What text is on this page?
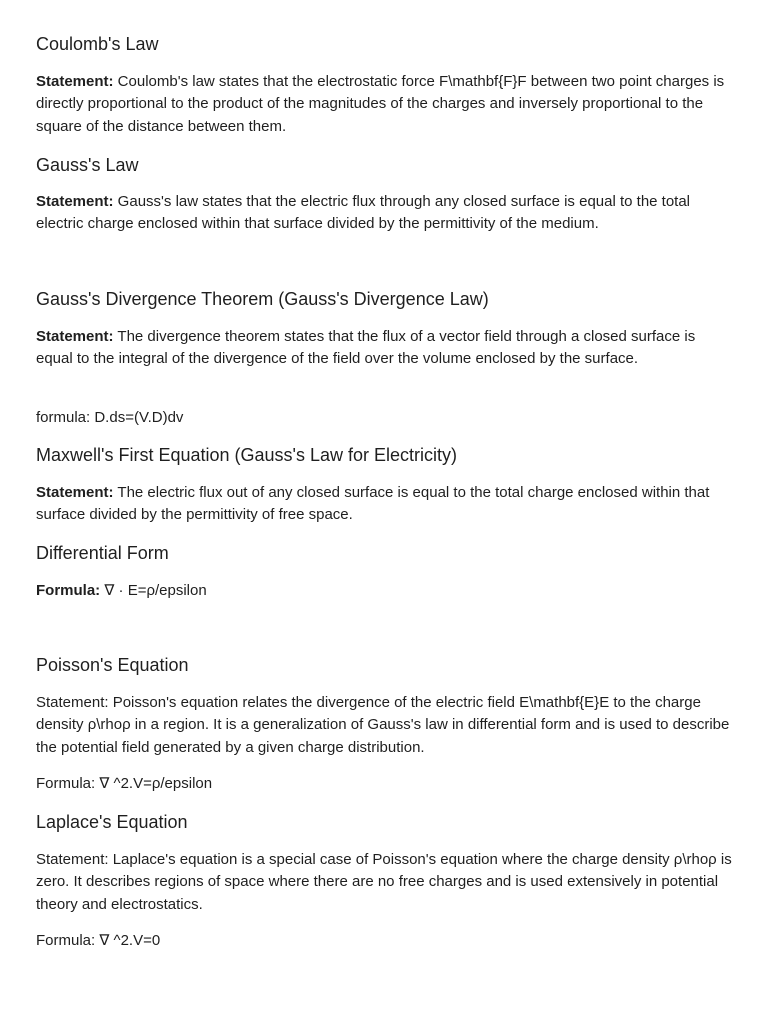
Coulomb's Law

Statement: Coulomb's law states that the electrostatic force F\mathbf{F}F between two point charges is directly proportional to the product of the magnitudes of the charges and inversely proportional to the square of the distance between them.

Gauss's Law

Statement: Gauss's law states that the electric flux through any closed surface is equal to the total electric charge enclosed within that surface divided by the permittivity of the medium.

Gauss's Divergence Theorem (Gauss's Divergence Law)

Statement: The divergence theorem states that the flux of a vector field through a closed surface is equal to the integral of the divergence of the field over the volume enclosed by the surface.

formula: D.ds=(V.D)dv

Maxwell's First Equation (Gauss's Law for Electricity)

Statement: The electric flux out of any closed surface is equal to the total charge enclosed within that surface divided by the permittivity of free space.

Differential Form

Formula: ∇ · E=ρ/epsilon

Poisson's Equation

Statement: Poisson's equation relates the divergence of the electric field E\mathbf{E}E to the charge density ρ\rhoρ in a region. It is a generalization of Gauss's law in differential form and is used to describe the potential field generated by a given charge distribution.

Formula: ∇ ^2.V=ρ/epsilon

Laplace's Equation

Statement: Laplace's equation is a special case of Poisson's equation where the charge density ρ\rhoρ is zero. It describes regions of space where there are no free charges and is used extensively in potential theory and electrostatics.

Formula: ∇ ^2.V=0
